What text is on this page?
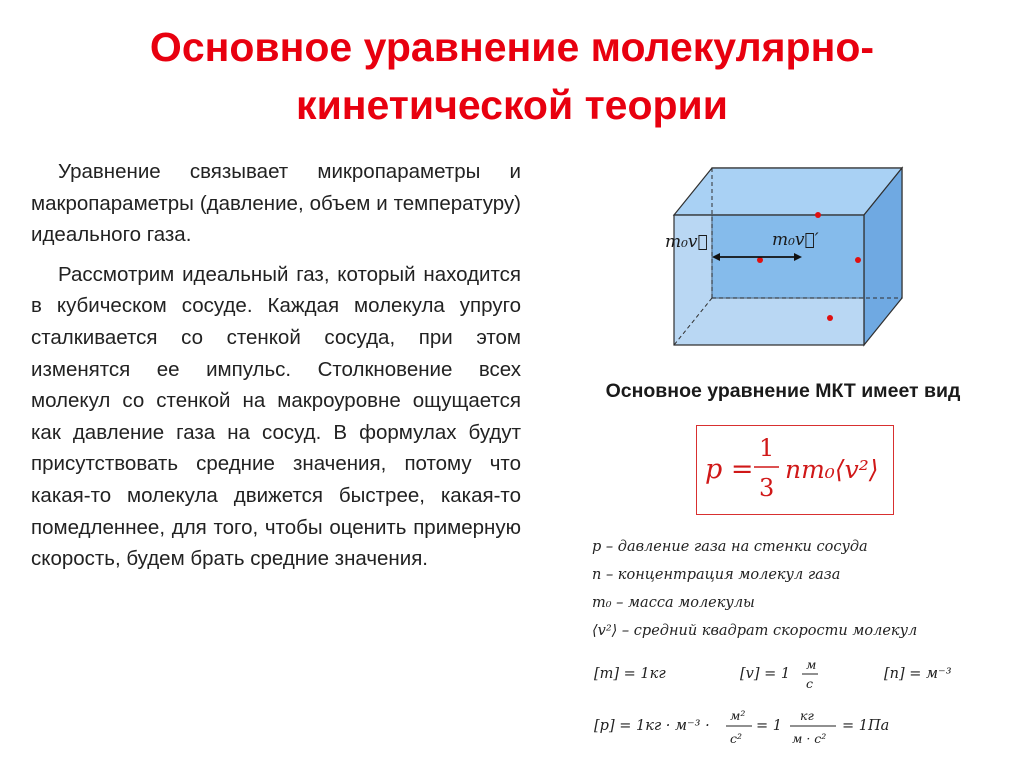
Основное уравнение молекулярно-
кинетической теории

Уравнение связывает микропараметры и макропараметры (давление, объем и температуру) идеального газа.

Рассмотрим идеальный газ, который находится в кубическом сосуде. Каждая молекула упруго сталкивается со стенкой сосуда, при этом изменятся ее импульс. Столкновение всех молекул со стенкой на макроуровне ощущается как давление газа на сосуд. В формулах будут присутствовать средние значения, потому что какая-то молекула движется быстрее, какая-то помедленнее, для того, чтобы оценить примерную скорость, будем брать средние значения.

m₀v⃗	m₀v⃗′
Основное уравнение МКТ имеет вид
p =
1
3
nm₀⟨v²⟩
p – давление газа на стенки сосуда
n – концентрация молекул газа
m₀ – масса молекулы
⟨v²⟩ – средний квадрат скорости молекул
[m] = 1кг	[v] = 1
м
с
[n] = м⁻³
[p] = 1кг · м⁻³ ·
м²
с²
= 1
кг
м · с²
= 1Па
